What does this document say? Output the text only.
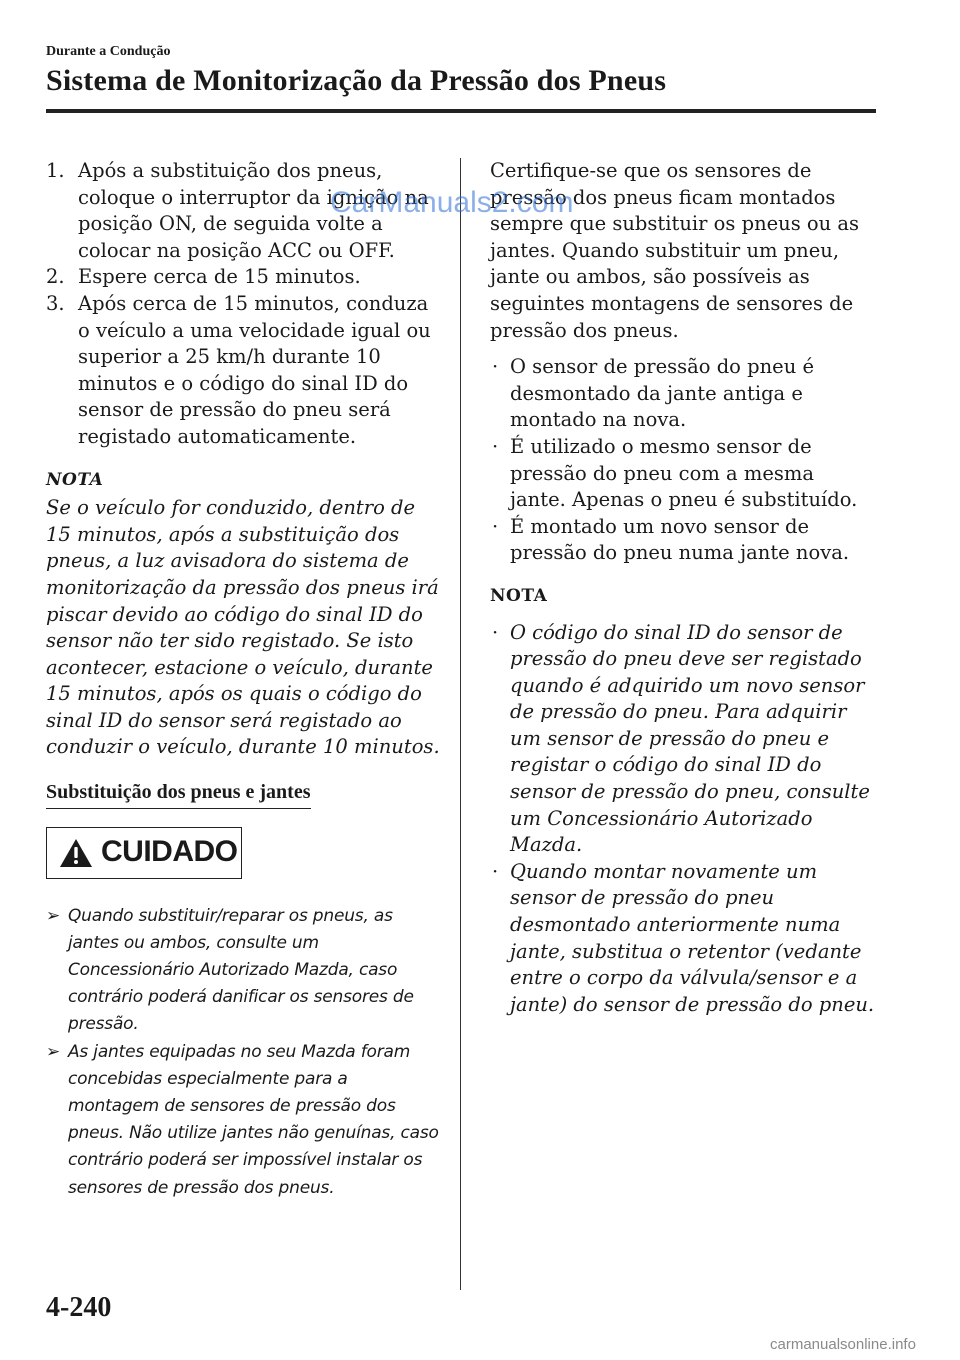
Durante a Condução
Sistema de Monitorização da Pressão dos Pneus
1. Após a substituição dos pneus, coloque o interruptor da ignição na posição ON, de seguida volte a colocar na posição ACC ou OFF.
2. Espere cerca de 15 minutos.
3. Após cerca de 15 minutos, conduza o veículo a uma velocidade igual ou superior a 25 km/h durante 10 minutos e o código do sinal ID do sensor de pressão do pneu será registado automaticamente.
NOTA
Se o veículo for conduzido, dentro de 15 minutos, após a substituição dos pneus, a luz avisadora do sistema de monitorização da pressão dos pneus irá piscar devido ao código do sinal ID do sensor não ter sido registado. Se isto acontecer, estacione o veículo, durante 15 minutos, após os quais o código do sinal ID do sensor será registado ao conduzir o veículo, durante 10 minutos.
Substituição dos pneus e jantes
CUIDADO
➢ Quando substituir/reparar os pneus, as jantes ou ambos, consulte um Concessionário Autorizado Mazda, caso contrário poderá danificar os sensores de pressão.
➢ As jantes equipadas no seu Mazda foram concebidas especialmente para a montagem de sensores de pressão dos pneus. Não utilize jantes não genuínas, caso contrário poderá ser impossível instalar os sensores de pressão dos pneus.
Certifique-se que os sensores de pressão dos pneus ficam montados sempre que substituir os pneus ou as jantes. Quando substituir um pneu, jante ou ambos, são possíveis as seguintes montagens de sensores de pressão dos pneus.
· O sensor de pressão do pneu é desmontado da jante antiga e montado na nova.
· É utilizado o mesmo sensor de pressão do pneu com a mesma jante. Apenas o pneu é substituído.
· É montado um novo sensor de pressão do pneu numa jante nova.
NOTA
· O código do sinal ID do sensor de pressão do pneu deve ser registado quando é adquirido um novo sensor de pressão do pneu. Para adquirir um sensor de pressão do pneu e registar o código do sinal ID do sensor de pressão do pneu, consulte um Concessionário Autorizado Mazda.
· Quando montar novamente um sensor de pressão do pneu desmontado anteriormente numa jante, substitua o retentor (vedante entre o corpo da válvula/sensor e a jante) do sensor de pressão do pneu.
4-240
CarManuals2.com
carmanualsonline.info
